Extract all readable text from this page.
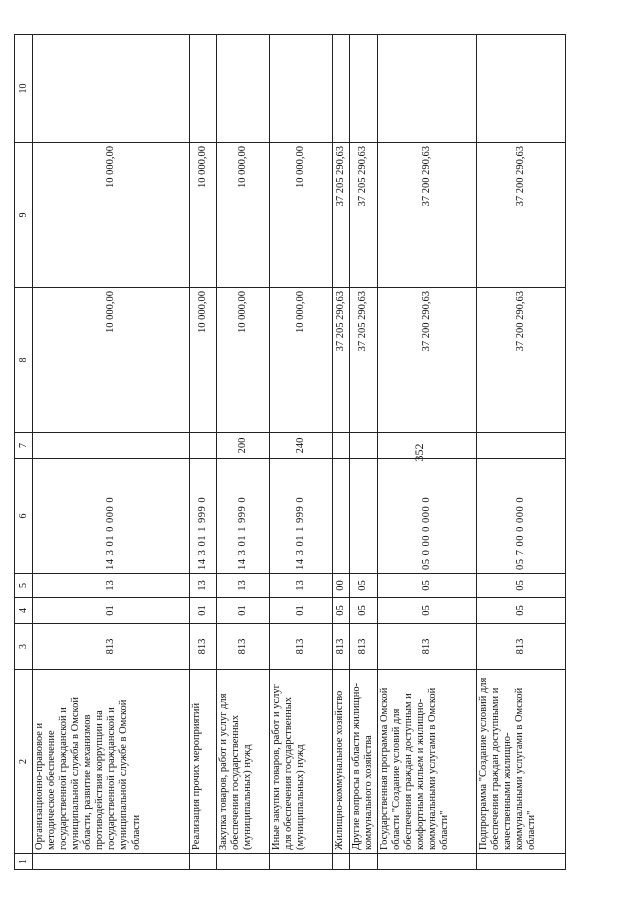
352
1	2	3	4	5	6	7	8	9	10
	Организационно-правовое и методическое обеспечение государственной гражданской и муниципальной службы в Омской области, развитие механизмов противодействия коррупции на государственной гражданской и муниципальной службе в Омской области	813	01	13	14 3 01 0 000 0		10 000,00	10 000,00	
	Реализация прочих мероприятий	813	01	13	14 3 01 1 999 0		10 000,00	10 000,00	
	Закупка товаров, работ и услуг для обеспечения государственных (муниципальных) нужд	813	01	13	14 3 01 1 999 0	200	10 000,00	10 000,00	
	Иные закупки товаров, работ и услуг для обеспечения государственных (муниципальных) нужд	813	01	13	14 3 01 1 999 0	240	10 000,00	10 000,00	
	Жилищно-коммунальное хозяйство	813	05	00			37 205 290,63	37 205 290,63	
	Другие вопросы в области жилищно-коммунального хозяйства	813	05	05			37 205 290,63	37 205 290,63	
	Государственная программа Омской области "Создание условий для обеспечения граждан доступным и комфортным жильем и жилищно-коммунальными услугами в Омской области"	813	05	05	05 0 00 0 000 0		37 200 290,63	37 200 290,63	
	Подпрограмма "Создание условий для обеспечения граждан доступными и качественными жилищно-коммунальными услугами в Омской области"	813	05	05	05 7 00 0 000 0		37 200 290,63	37 200 290,63	
